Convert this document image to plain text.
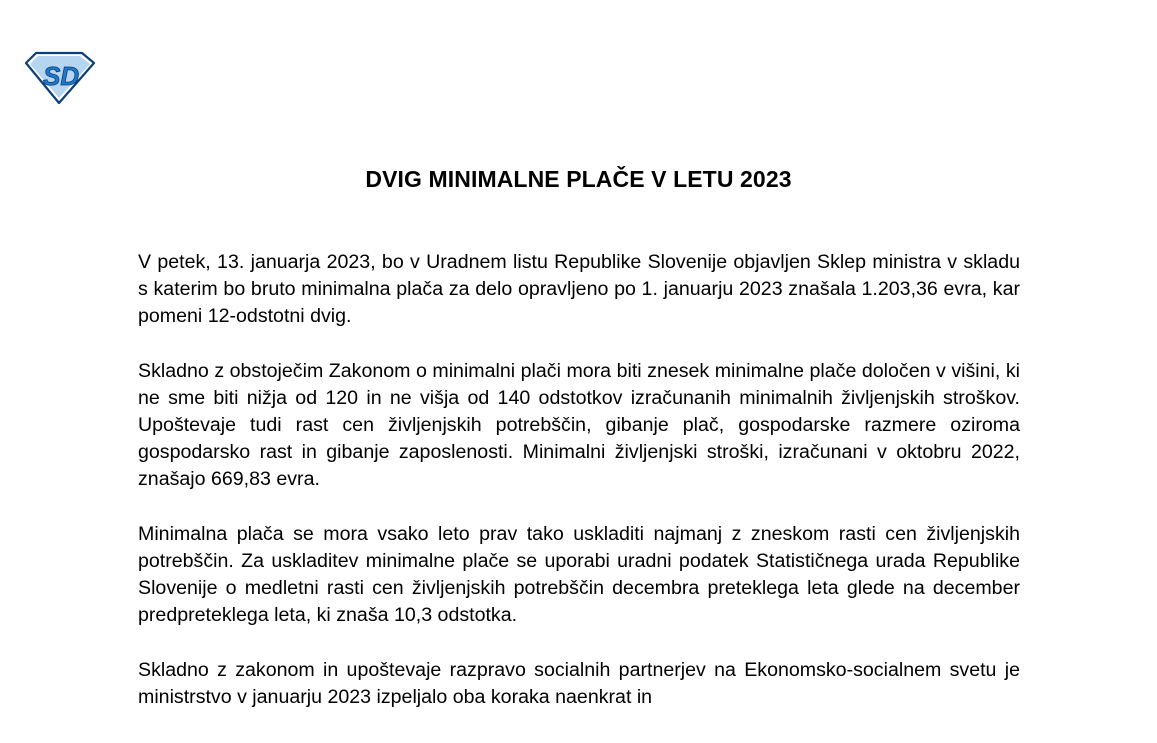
SD
DVIG MINIMALNE PLAČE V LETU 2023

V petek, 13. januarja 2023, bo v Uradnem listu Republike Slovenije objavljen Sklep ministra v skladu s katerim bo bruto minimalna plača za delo opravljeno po 1. januarju 2023 znašala 1.203,36 evra, kar pomeni 12-odstotni dvig.

Skladno z obstoječim Zakonom o minimalni plači mora biti znesek minimalne plače določen v višini, ki ne sme biti nižja od 120 in ne višja od 140 odstotkov izračunanih minimalnih življenjskih stroškov. Upoštevaje tudi rast cen življenjskih potrebščin, gibanje plač, gospodarske razmere oziroma gospodarsko rast in gibanje zaposlenosti. Minimalni življenjski stroški, izračunani v oktobru 2022, znašajo 669,83 evra.

Minimalna plača se mora vsako leto prav tako uskladiti najmanj z zneskom rasti cen življenjskih potrebščin. Za uskladitev minimalne plače se uporabi uradni podatek Statističnega urada Republike Slovenije o medletni rasti cen življenjskih potrebščin decembra preteklega leta glede na december predpreteklega leta, ki znaša 10,3 odstotka.

Skladno z zakonom in upoštevaje razpravo socialnih partnerjev na Ekonomsko-socialnem svetu je ministrstvo v januarju 2023 izpeljalo oba koraka naenkrat in
